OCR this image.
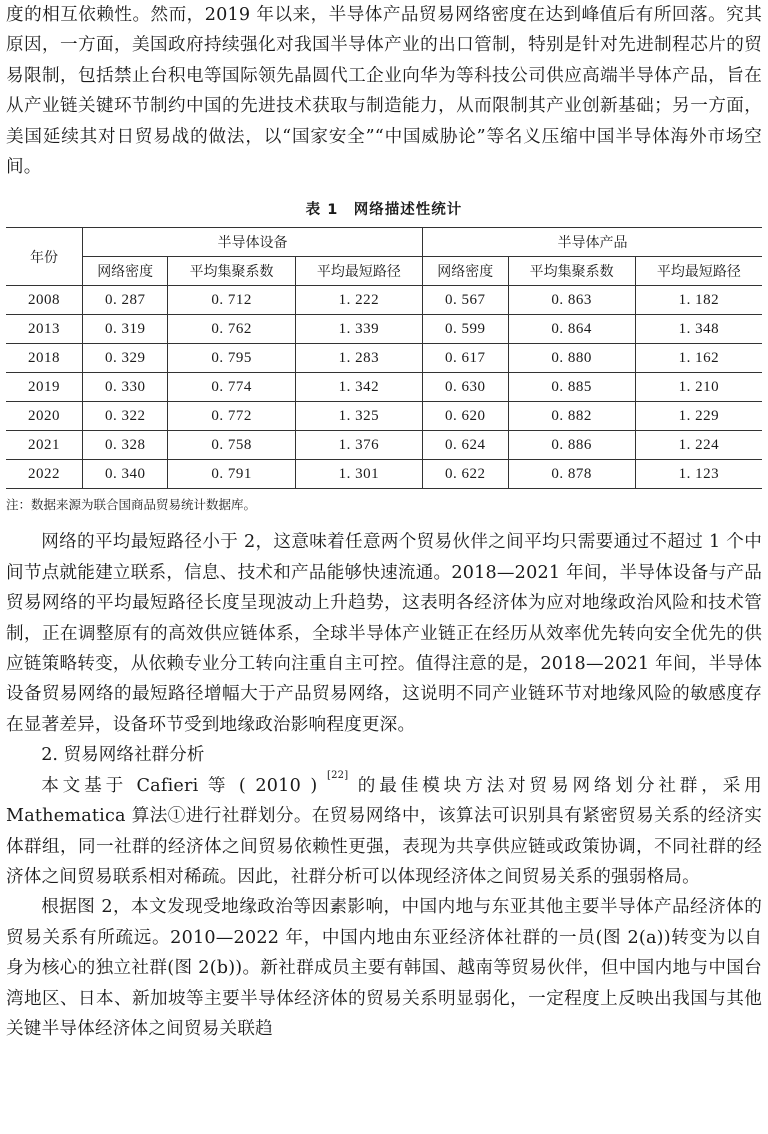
度的相互依赖性。然而，2019 年以来，半导体产品贸易网络密度在达到峰值后有所回落。究其原因，一方面，美国政府持续强化对我国半导体产业的出口管制，特别是针对先进制程芯片的贸易限制，包括禁止台积电等国际领先晶圆代工企业向华为等科技公司供应高端半导体产品，旨在从产业链关键环节制约中国的先进技术获取与制造能力，从而限制其产业创新基础；另一方面，美国延续其对日贸易战的做法，以“国家安全”“中国威胁论”等名义压缩中国半导体海外市场空间。

表 1　网络描述性统计
年份	半导体设备			半导体产品		
	网络密度	平均集聚系数	平均最短路径	网络密度	平均集聚系数	平均最短路径
2008	0. 287	0. 712	1. 222	0. 567	0. 863	1. 182
2013	0. 319	0. 762	1. 339	0. 599	0. 864	1. 348
2018	0. 329	0. 795	1. 283	0. 617	0. 880	1. 162
2019	0. 330	0. 774	1. 342	0. 630	0. 885	1. 210
2020	0. 322	0. 772	1. 325	0. 620	0. 882	1. 229
2021	0. 328	0. 758	1. 376	0. 624	0. 886	1. 224
2022	0. 340	0. 791	1. 301	0. 622	0. 878	1. 123
注：数据来源为联合国商品贸易统计数据库。

网络的平均最短路径小于 2，这意味着任意两个贸易伙伴之间平均只需要通过不超过 1 个中间节点就能建立联系，信息、技术和产品能够快速流通。2018—2021 年间，半导体设备与产品贸易网络的平均最短路径长度呈现波动上升趋势，这表明各经济体为应对地缘政治风险和技术管制，正在调整原有的高效供应链体系，全球半导体产业链正在经历从效率优先转向安全优先的供应链策略转变，从依赖专业分工转向注重自主可控。值得注意的是，2018—2021 年间，半导体设备贸易网络的最短路径增幅大于产品贸易网络，这说明不同产业链环节对地缘风险的敏感度存在显著差异，设备环节受到地缘政治影响程度更深。

2. 贸易网络社群分析

本文基于 Cafieri 等 ( 2010 ) [22] 的最佳模块方法对贸易网络划分社群，采用 Mathematica 算法①进行社群划分。在贸易网络中，该算法可识别具有紧密贸易关系的经济实体群组，同一社群的经济体之间贸易依赖性更强，表现为共享供应链或政策协调，不同社群的经济体之间贸易联系相对稀疏。因此，社群分析可以体现经济体之间贸易关系的强弱格局。

根据图 2，本文发现受地缘政治等因素影响，中国内地与东亚其他主要半导体产品经济体的贸易关系有所疏远。2010—2022 年，中国内地由东亚经济体社群的一员(图 2(a))转变为以自身为核心的独立社群(图 2(b))。新社群成员主要有韩国、越南等贸易伙伴，但中国内地与中国台湾地区、日本、新加坡等主要半导体经济体的贸易关系明显弱化，一定程度上反映出我国与其他关键半导体经济体之间贸易关联趋
